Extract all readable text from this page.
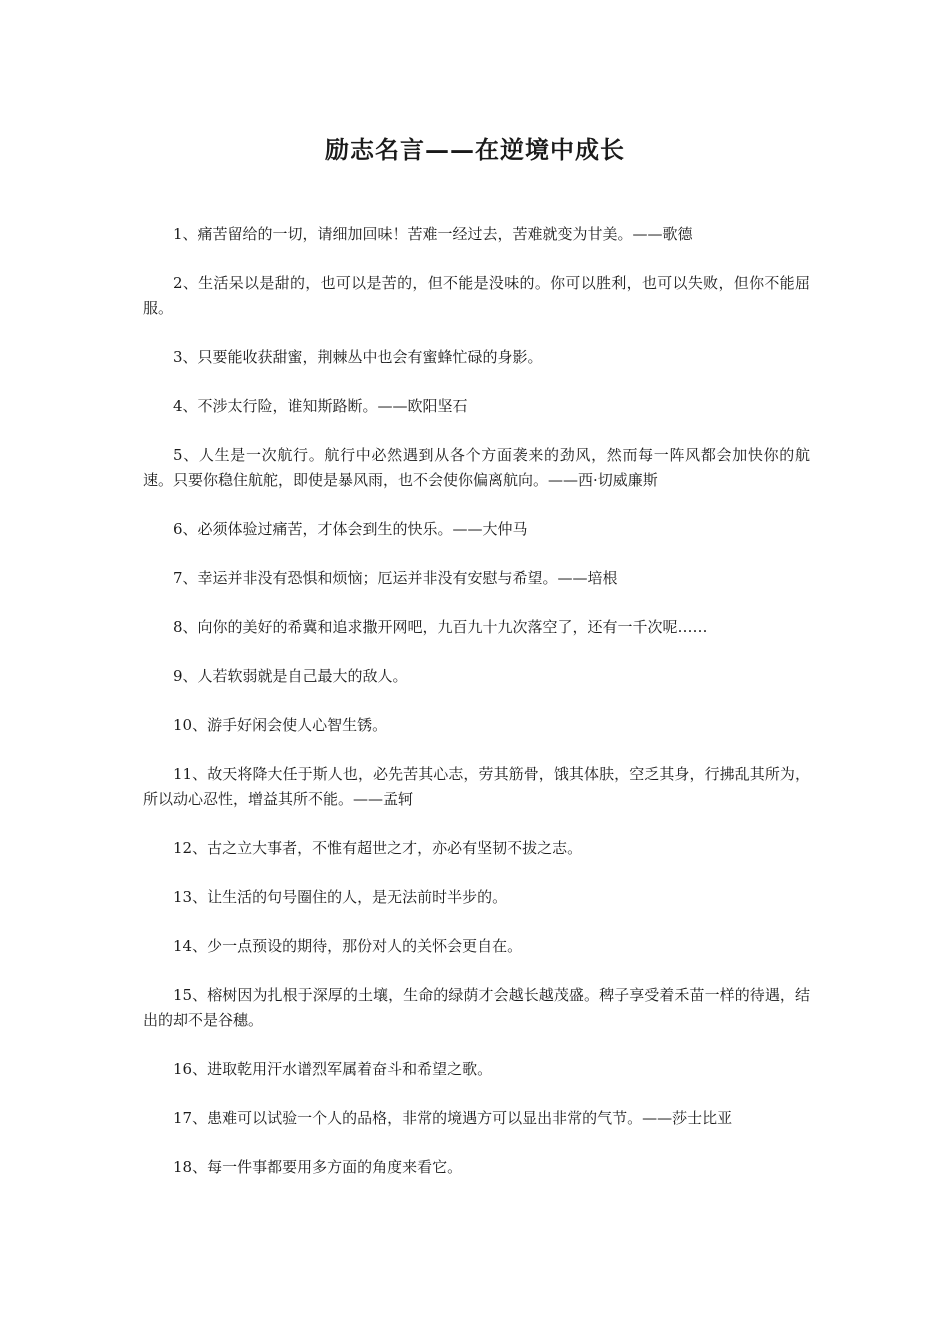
励志名言——在逆境中成长
1、痛苦留给的一切，请细加回味！苦难一经过去，苦难就变为甘美。——歌德
2、生活呆以是甜的，也可以是苦的，但不能是没味的。你可以胜利，也可以失败，但你不能屈服。
3、只要能收获甜蜜，荆棘丛中也会有蜜蜂忙碌的身影。
4、不涉太行险，谁知斯路断。——欧阳坚石
5、人生是一次航行。航行中必然遇到从各个方面袭来的劲风，然而每一阵风都会加快你的航速。只要你稳住航舵，即使是暴风雨，也不会使你偏离航向。——西·切威廉斯
6、必须体验过痛苦，才体会到生的快乐。——大仲马
7、幸运并非没有恐惧和烦恼；厄运并非没有安慰与希望。——培根
8、向你的美好的希冀和追求撒开网吧，九百九十九次落空了，还有一千次呢……
9、人若软弱就是自己最大的敌人。
10、游手好闲会使人心智生锈。
11、故天将降大任于斯人也，必先苦其心志，劳其筋骨，饿其体肤，空乏其身，行拂乱其所为，所以动心忍性，增益其所不能。——孟轲
12、古之立大事者，不惟有超世之才，亦必有坚韧不拔之志。
13、让生活的句号圈住的人，是无法前时半步的。
14、少一点预设的期待，那份对人的关怀会更自在。
15、榕树因为扎根于深厚的土壤，生命的绿荫才会越长越茂盛。稗子享受着禾苗一样的待遇，结出的却不是谷穗。
16、进取乾用汗水谱烈军属着奋斗和希望之歌。
17、患难可以试验一个人的品格，非常的境遇方可以显出非常的气节。——莎士比亚
18、每一件事都要用多方面的角度来看它。
